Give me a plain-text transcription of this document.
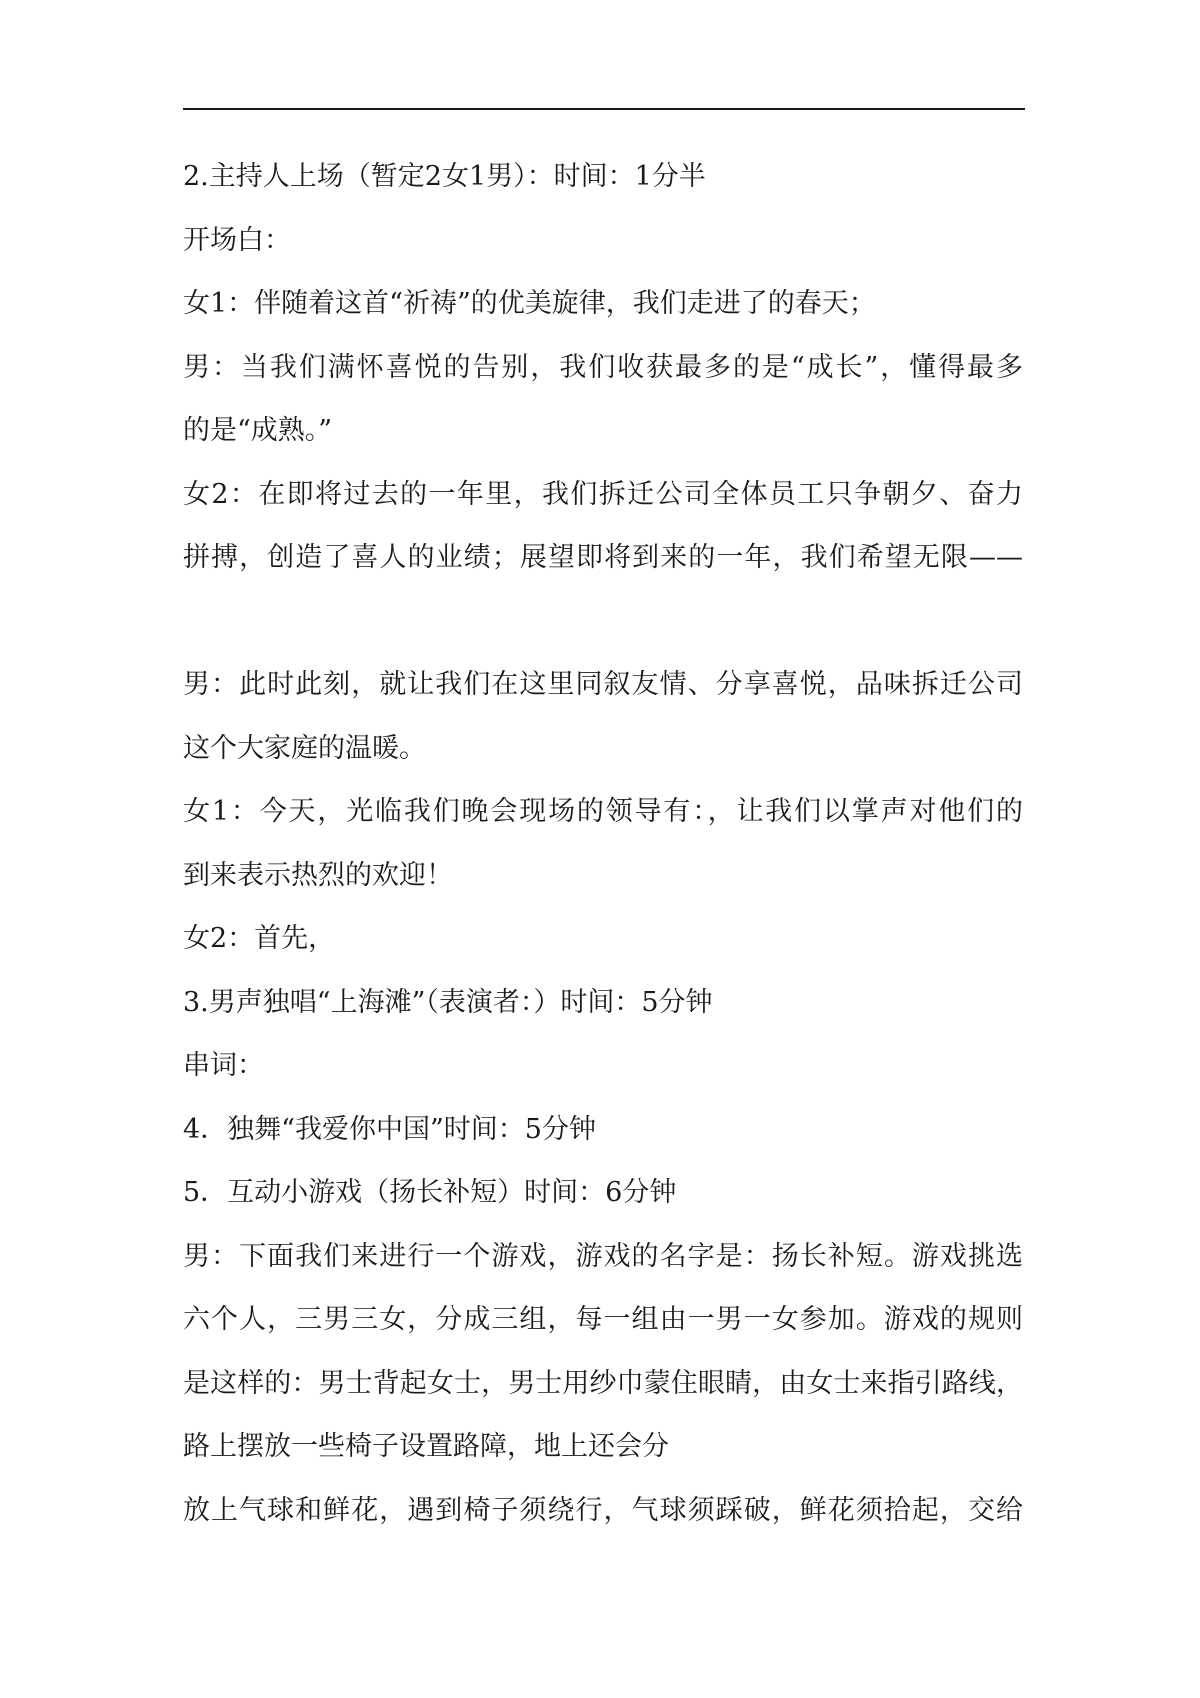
2.主持人上场（暂定2女1男）：时间：1分半
开场白：
女1：伴随着这首“祈祷”的优美旋律，我们走进了的春天；
男：当我们满怀喜悦的告别，我们收获最多的是“成长”，懂得最多
的是“成熟。”
女2：在即将过去的一年里，我们拆迁公司全体员工只争朝夕、奋力
拼搏，创造了喜人的业绩；展望即将到来的一年，我们希望无限——
男：此时此刻，就让我们在这里同叙友情、分享喜悦，品味拆迁公司
这个大家庭的温暖。
女1：今天，光临我们晚会现场的领导有：，让我们以掌声对他们的
到来表示热烈的欢迎！
女2：首先，
3.男声独唱“上海滩”（表演者：）时间：5分钟
串词：
4．独舞“我爱你中国”时间：5分钟
5．互动小游戏（扬长补短）时间：6分钟
男：下面我们来进行一个游戏，游戏的名字是：扬长补短。游戏挑选
六个人，三男三女，分成三组，每一组由一男一女参加。游戏的规则
是这样的：男士背起女士，男士用纱巾蒙住眼睛，由女士来指引路线，
路上摆放一些椅子设置路障，地上还会分
放上气球和鲜花，遇到椅子须绕行，气球须踩破，鲜花须拾起，交给
